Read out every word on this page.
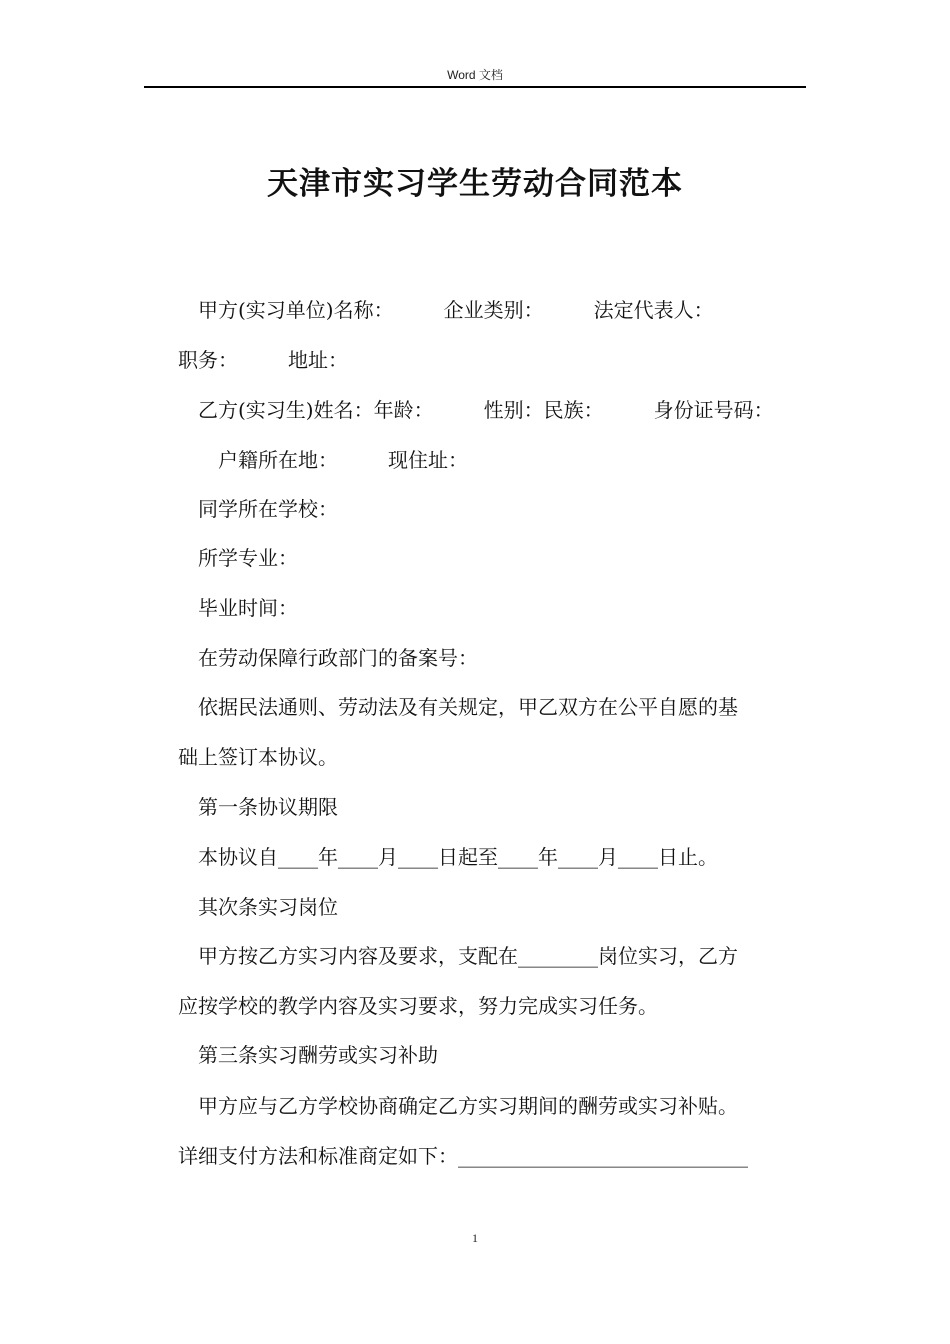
Word 文档
天津市实习学生劳动合同范本

　甲方(实习单位)名称：　　　企业类别：　　　法定代表人：

职务：　　　地址：

　乙方(实习生)姓名：年龄：　　　性别：民族：　　　身份证号码：

　　户籍所在地：　　　现住址：

　同学所在学校：

　所学专业：

　毕业时间：

　在劳动保障行政部门的备案号：

　依据民法通则、劳动法及有关规定，甲乙双方在公平自愿的基

础上签订本协议。

　第一条协议期限

　本协议自____年____月____日起至____年____月____日止。

　其次条实习岗位

　甲方按乙方实习内容及要求，支配在________岗位实习，乙方

应按学校的教学内容及实习要求，努力完成实习任务。

　第三条实习酬劳或实习补助

　甲方应与乙方学校协商确定乙方实习期间的酬劳或实习补贴。

详细支付方法和标准商定如下：_____________________________

1
